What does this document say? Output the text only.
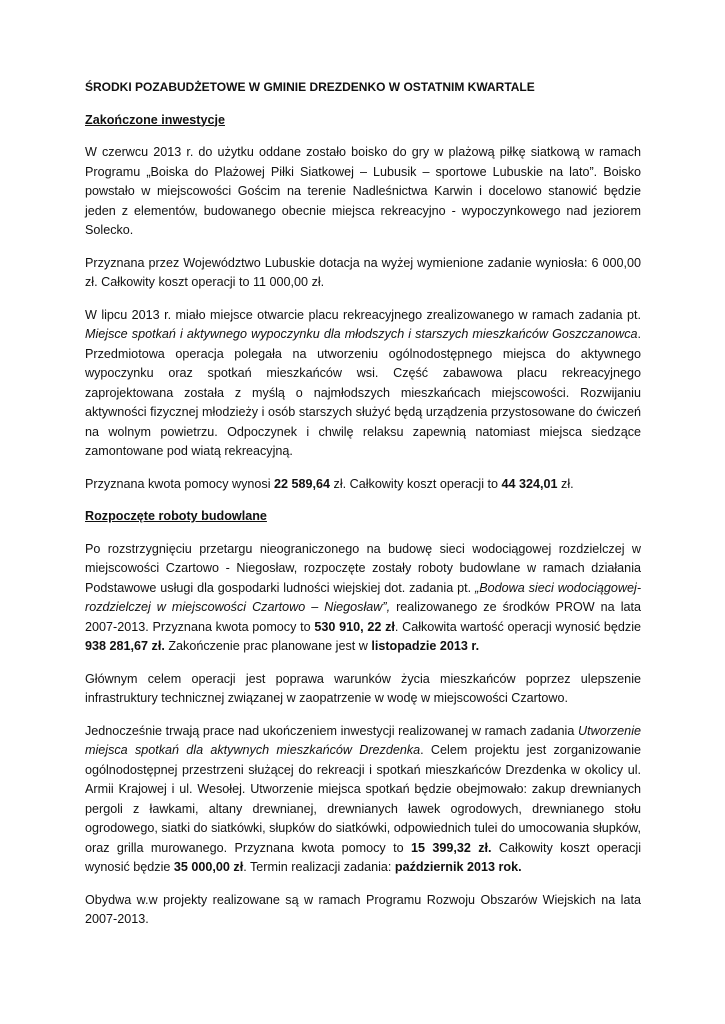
ŚRODKI POZABUDŻETOWE W GMINIE DREZDENKO W OSTATNIM KWARTALE
Zakończone inwestycje

W czerwcu 2013 r. do użytku oddane zostało boisko do gry w plażową piłkę siatkową w ramach Programu „Boiska do Plażowej Piłki Siatkowej – Lubusik – sportowe Lubuskie na lato”. Boisko powstało w miejscowości Gościm na terenie Nadleśnictwa Karwin i docelowo stanowić będzie jeden z elementów, budowanego obecnie miejsca rekreacyjno - wypoczynkowego nad jeziorem Solecko.

Przyznana przez Województwo Lubuskie dotacja na wyżej wymienione zadanie wyniosła: 6 000,00 zł. Całkowity koszt operacji to 11 000,00 zł.

W lipcu 2013 r. miało miejsce otwarcie placu rekreacyjnego zrealizowanego w ramach zadania pt. Miejsce spotkań i aktywnego wypoczynku dla młodszych i starszych mieszkańców Goszczanowca. Przedmiotowa operacja polegała na utworzeniu ogólnodostępnego miejsca do aktywnego wypoczynku oraz spotkań mieszkańców wsi. Część zabawowa placu rekreacyjnego zaprojektowana została z myślą o najmłodszych mieszkańcach miejscowości. Rozwijaniu aktywności fizycznej młodzieży i osób starszych służyć będą urządzenia przystosowane do ćwiczeń na wolnym powietrzu. Odpoczynek i chwilę relaksu zapewnią natomiast miejsca siedzące zamontowane pod wiatą rekreacyjną.

Przyznana kwota pomocy wynosi 22 589,64 zł. Całkowity koszt operacji to 44 324,01 zł.

Rozpoczęte roboty budowlane

Po rozstrzygnięciu przetargu nieograniczonego na budowę sieci wodociągowej rozdzielczej w miejscowości Czartowo - Niegosław, rozpoczęte zostały roboty budowlane w ramach działania Podstawowe usługi dla gospodarki ludności wiejskiej dot. zadania pt. „Bodowa sieci wodociągowej-rozdzielczej w miejscowości Czartowo – Niegosław”, realizowanego ze środków PROW na lata 2007-2013. Przyznana kwota pomocy to 530 910, 22 zł. Całkowita wartość operacji wynosić będzie 938 281,67 zł. Zakończenie prac planowane jest w listopadzie 2013 r.

Głównym celem operacji jest poprawa warunków życia mieszkańców poprzez ulepszenie infrastruktury technicznej związanej w zaopatrzenie w wodę w miejscowości Czartowo.

Jednocześnie trwają prace nad ukończeniem inwestycji realizowanej w ramach zadania Utworzenie miejsca spotkań dla aktywnych mieszkańców Drezdenka. Celem projektu jest zorganizowanie ogólnodostępnej przestrzeni służącej do rekreacji i spotkań mieszkańców Drezdenka w okolicy ul. Armii Krajowej i ul. Wesołej. Utworzenie miejsca spotkań będzie obejmowało: zakup drewnianych pergoli z ławkami, altany drewnianej, drewnianych ławek ogrodowych, drewnianego stołu ogrodowego, siatki do siatkówki, słupków do siatkówki, odpowiednich tulei do umocowania słupków, oraz grilla murowanego. Przyznana kwota pomocy to 15 399,32 zł. Całkowity koszt operacji wynosić będzie 35 000,00 zł. Termin realizacji zadania: październik 2013 rok.

Obydwa w.w projekty realizowane są w ramach Programu Rozwoju Obszarów Wiejskich na lata 2007-2013.
